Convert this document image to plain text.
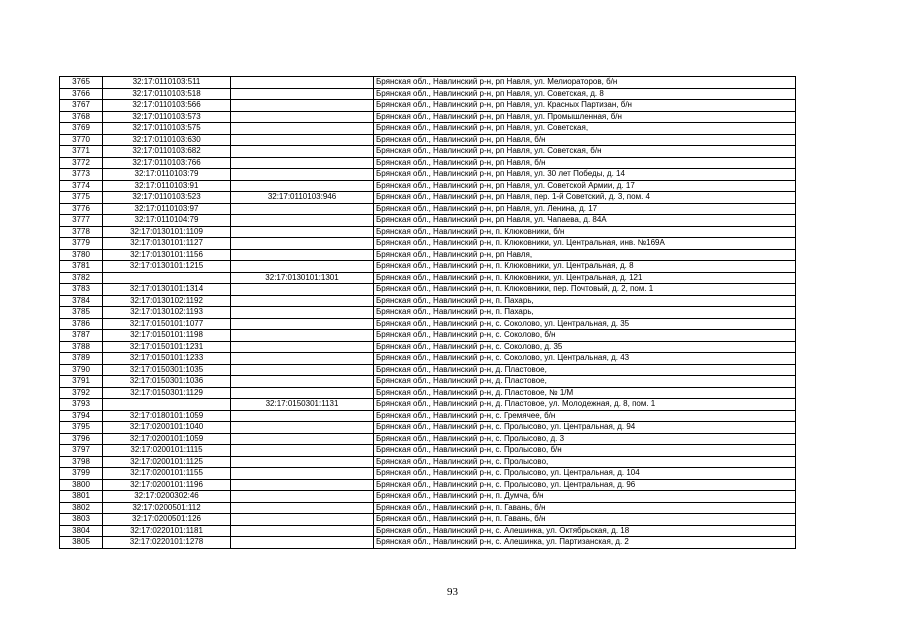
3765	32:17:0110103:511		Брянская обл., Навлинский р-н, рп Навля, ул. Мелиораторов, б/н
3766	32:17:0110103:518		Брянская обл., Навлинский р-н, рп Навля, ул. Советская, д. 8
3767	32:17:0110103:566		Брянская обл., Навлинский р-н, рп Навля, ул. Красных Партизан, б/н
3768	32:17:0110103:573		Брянская обл., Навлинский р-н, рп Навля, ул. Промышленная, б/н
3769	32:17:0110103:575		Брянская обл., Навлинский р-н, рп Навля, ул. Советская,
3770	32:17:0110103:630		Брянская обл., Навлинский р-н, рп Навля, б/н
3771	32:17:0110103:682		Брянская обл., Навлинский р-н, рп Навля, ул. Советская, б/н
3772	32:17:0110103:766		Брянская обл., Навлинский р-н, рп Навля, б/н
3773	32:17:0110103:79		Брянская обл., Навлинский р-н, рп Навля, ул. 30 лет Победы, д. 14
3774	32:17:0110103:91		Брянская обл., Навлинский р-н, рп Навля, ул. Советской Армии, д. 17
3775	32:17:0110103:523	32:17:0110103:946	Брянская обл., Навлинский р-н, рп Навля, пер. 1-й Советский, д. 3, пом. 4
3776	32:17:0110103:97		Брянская обл., Навлинский р-н, рп Навля, ул. Ленина, д. 17
3777	32:17:0110104:79		Брянская обл., Навлинский р-н, рп Навля, ул. Чапаева, д. 84А
3778	32:17:0130101:1109		Брянская обл., Навлинский р-н, п. Клюковники, б/н
3779	32:17:0130101:1127		Брянская обл., Навлинский р-н, п. Клюковники, ул. Центральная, инв. №169А
3780	32:17:0130101:1156		Брянская обл., Навлинский р-н, рп Навля,
3781	32:17:0130101:1215		Брянская обл., Навлинский р-н, п. Клюковники, ул. Центральная, д. 8
3782		32:17:0130101:1301	Брянская обл., Навлинский р-н, п. Клюковники, ул. Центральная, д. 121
3783	32:17:0130101:1314		Брянская обл., Навлинский р-н, п. Клюковники, пер. Почтовый, д. 2, пом. 1
3784	32:17:0130102:1192		Брянская обл., Навлинский р-н, п. Пахарь,
3785	32:17:0130102:1193		Брянская обл., Навлинский р-н, п. Пахарь,
3786	32:17:0150101:1077		Брянская обл., Навлинский р-н, с. Соколово, ул. Центральная, д. 35
3787	32:17:0150101:1198		Брянская обл., Навлинский р-н, с. Соколово, б/н
3788	32:17:0150101:1231		Брянская обл., Навлинский р-н, с. Соколово, д. 35
3789	32:17:0150101:1233		Брянская обл., Навлинский р-н, с. Соколово, ул. Центральная, д. 43
3790	32:17:0150301:1035		Брянская обл., Навлинский р-н, д. Пластовое,
3791	32:17:0150301:1036		Брянская обл., Навлинский р-н, д. Пластовое,
3792	32:17:0150301:1129		Брянская обл., Навлинский р-н, д. Пластовое, № 1/М
3793		32:17:0150301:1131	Брянская обл., Навлинский р-н, д. Пластовое, ул. Молодежная, д. 8, пом. 1
3794	32:17:0180101:1059		Брянская обл., Навлинский р-н, с. Гремячее, б/н
3795	32:17:0200101:1040		Брянская обл., Навлинский р-н, с. Пролысово, ул. Центральная, д. 94
3796	32:17:0200101:1059		Брянская обл., Навлинский р-н, с. Пролысово, д. 3
3797	32:17:0200101:1115		Брянская обл., Навлинский р-н, с. Пролысово, б/н
3798	32:17:0200101:1125		Брянская обл., Навлинский р-н, с. Пролысово,
3799	32:17:0200101:1155		Брянская обл., Навлинский р-н, с. Пролысово, ул. Центральная, д. 104
3800	32:17:0200101:1196		Брянская обл., Навлинский р-н, с. Пролысово, ул. Центральная, д. 96
3801	32:17:0200302:46		Брянская обл., Навлинский р-н, п. Думча, б/н
3802	32:17:0200501:112		Брянская обл., Навлинский р-н, п. Гавань, б/н
3803	32:17:0200501:126		Брянская обл., Навлинский р-н, п. Гавань, б/н
3804	32:17:0220101:1181		Брянская обл., Навлинский р-н, с. Алешинка, ул. Октябрьская, д. 18
3805	32:17:0220101:1278		Брянская обл., Навлинский р-н, с. Алешинка, ул. Партизанская, д. 2
93
